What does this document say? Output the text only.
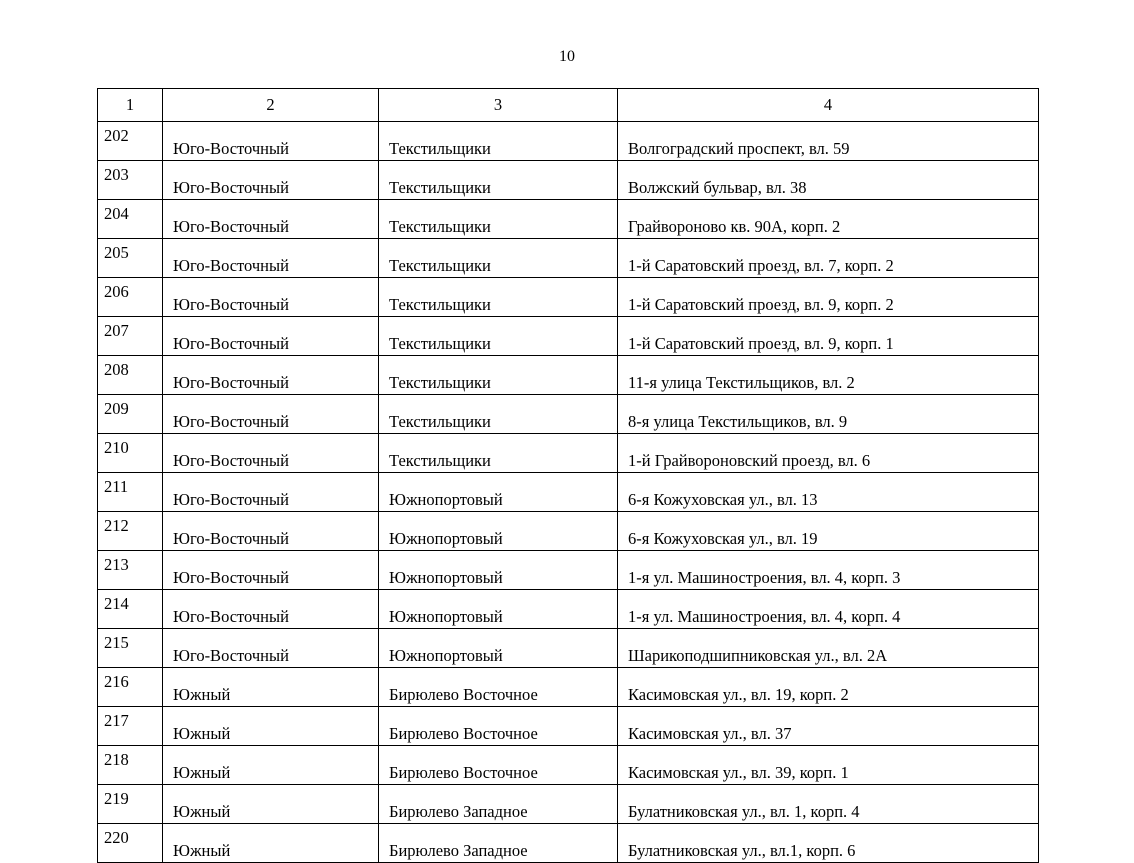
10
1	2	3	4
202	Юго-Восточный	Текстильщики	Волгоградский проспект, вл. 59
203	Юго-Восточный	Текстильщики	Волжский бульвар, вл. 38
204	Юго-Восточный	Текстильщики	Грайвороново кв. 90А, корп. 2
205	Юго-Восточный	Текстильщики	1-й Саратовский проезд, вл. 7, корп. 2
206	Юго-Восточный	Текстильщики	1-й Саратовский проезд, вл. 9, корп. 2
207	Юго-Восточный	Текстильщики	1-й Саратовский проезд, вл. 9, корп. 1
208	Юго-Восточный	Текстильщики	11-я улица Текстильщиков, вл. 2
209	Юго-Восточный	Текстильщики	8-я улица Текстильщиков, вл. 9
210	Юго-Восточный	Текстильщики	1-й Грайвороновский проезд, вл. 6
211	Юго-Восточный	Южнопортовый	6-я Кожуховская ул., вл. 13
212	Юго-Восточный	Южнопортовый	6-я Кожуховская ул., вл. 19
213	Юго-Восточный	Южнопортовый	1-я ул. Машиностроения, вл. 4, корп. 3
214	Юго-Восточный	Южнопортовый	1-я ул. Машиностроения, вл. 4, корп. 4
215	Юго-Восточный	Южнопортовый	Шарикоподшипниковская ул., вл. 2А
216	Южный	Бирюлево Восточное	Касимовская ул., вл. 19, корп. 2
217	Южный	Бирюлево Восточное	Касимовская ул., вл. 37
218	Южный	Бирюлево Восточное	Касимовская ул., вл. 39, корп. 1
219	Южный	Бирюлево Западное	Булатниковская ул., вл. 1, корп. 4
220	Южный	Бирюлево Западное	Булатниковская ул., вл.1, корп. 6
